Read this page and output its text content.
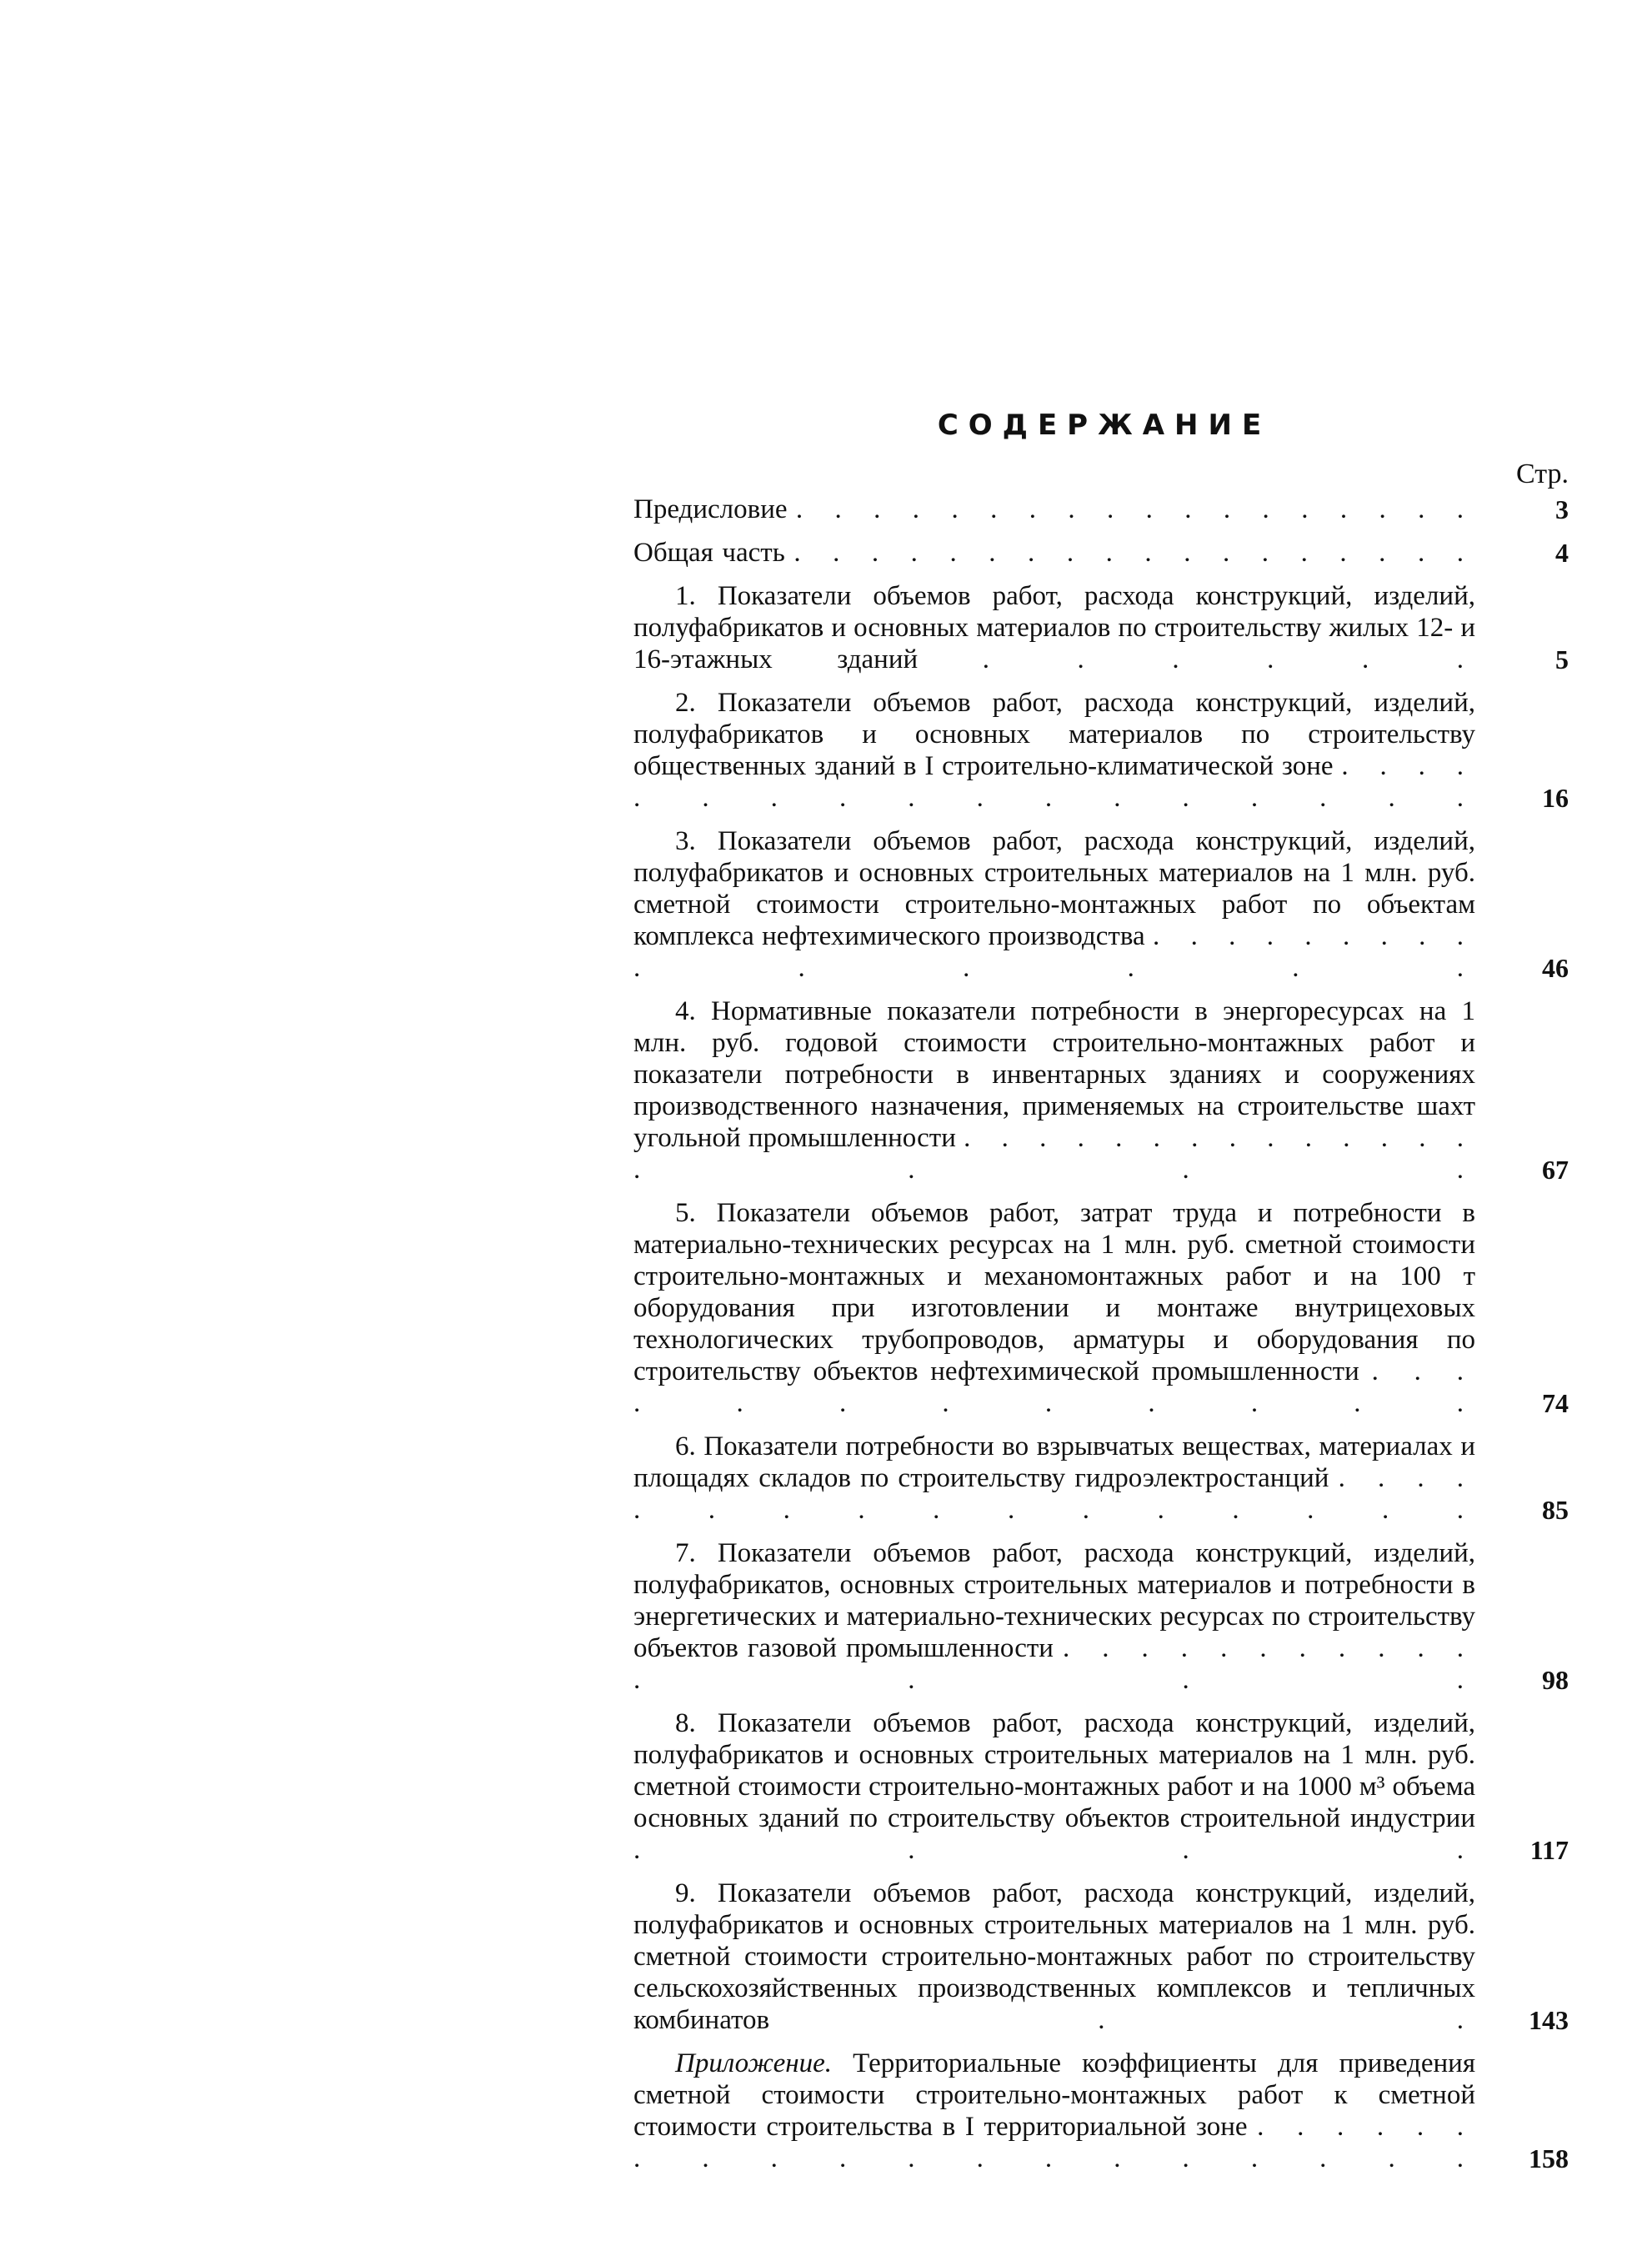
СОДЕРЖАНИЕ
Стр.
Предисловие . . . . . . . . . . . . . . . . . .	3
Общая часть . . . . . . . . . . . . . . . . . .	4
1. Показатели объемов работ, расхода конструкций, изделий, полуфабрикатов и основных материалов по строительству жилых 12- и 16-этажных зданий . . . . . .	5
2. Показатели объемов работ, расхода конструкций, изделий, полуфабрикатов и основных материалов по строительству общественных зданий в I строительно-климатической зоне . . . . . . . . . . . . . . . . .	16
3. Показатели объемов работ, расхода конструкций, изделий, полуфабрикатов и основных строительных материалов на 1 млн. руб. сметной стоимости строительно-монтажных работ по объектам комплекса нефтехимического производства . . . . . . . . . . . . . . .	46
4. Нормативные показатели потребности в энергоресурсах на 1 млн. руб. годовой стоимости строительно-монтажных работ и показатели потребности в инвентарных зданиях и сооружениях производственного назначения, применяемых на строительстве шахт угольной промышленности . . . . . . . . . . . . . . . . . .	67
5. Показатели объемов работ, затрат труда и потребности в материально-технических ресурсах на 1 млн. руб. сметной стоимости строительно-монтажных и механомонтажных работ и на 100 т оборудования при изготовлении и монтаже внутрицеховых технологических трубопроводов, арматуры и оборудования по строительству объектов нефтехимической промышленности . . . . . . . . . . . .	74
6. Показатели потребности во взрывчатых веществах, материалах и площадях складов по строительству гидроэлектростанций . . . . . . . . . . . . . . . .	85
7. Показатели объемов работ, расхода конструкций, изделий, полуфабрикатов, основных строительных материалов и потребности в энергетических и материально-технических ресурсах по строительству объектов газовой промышленности . . . . . . . . . . . . . . .	98
8. Показатели объемов работ, расхода конструкций, изделий, полуфабрикатов и основных строительных материалов на 1 млн. руб. сметной стоимости строительно-монтажных работ и на 1000 м³ объема основных зданий по строительству объектов строительной индустрии . . . .	117
9. Показатели объемов работ, расхода конструкций, изделий, полуфабрикатов и основных строительных материалов на 1 млн. руб. сметной стоимости строительно-монтажных работ по строительству сельскохозяйственных производственных комплексов и тепличных комбинатов	. .	143
Приложение. Территориальные коэффициенты для приведения сметной стоимости строительно-монтажных работ к сметной стоимости строительства в I территориальной зоне . . . . . . . . . . . . . . . . . . .	158
